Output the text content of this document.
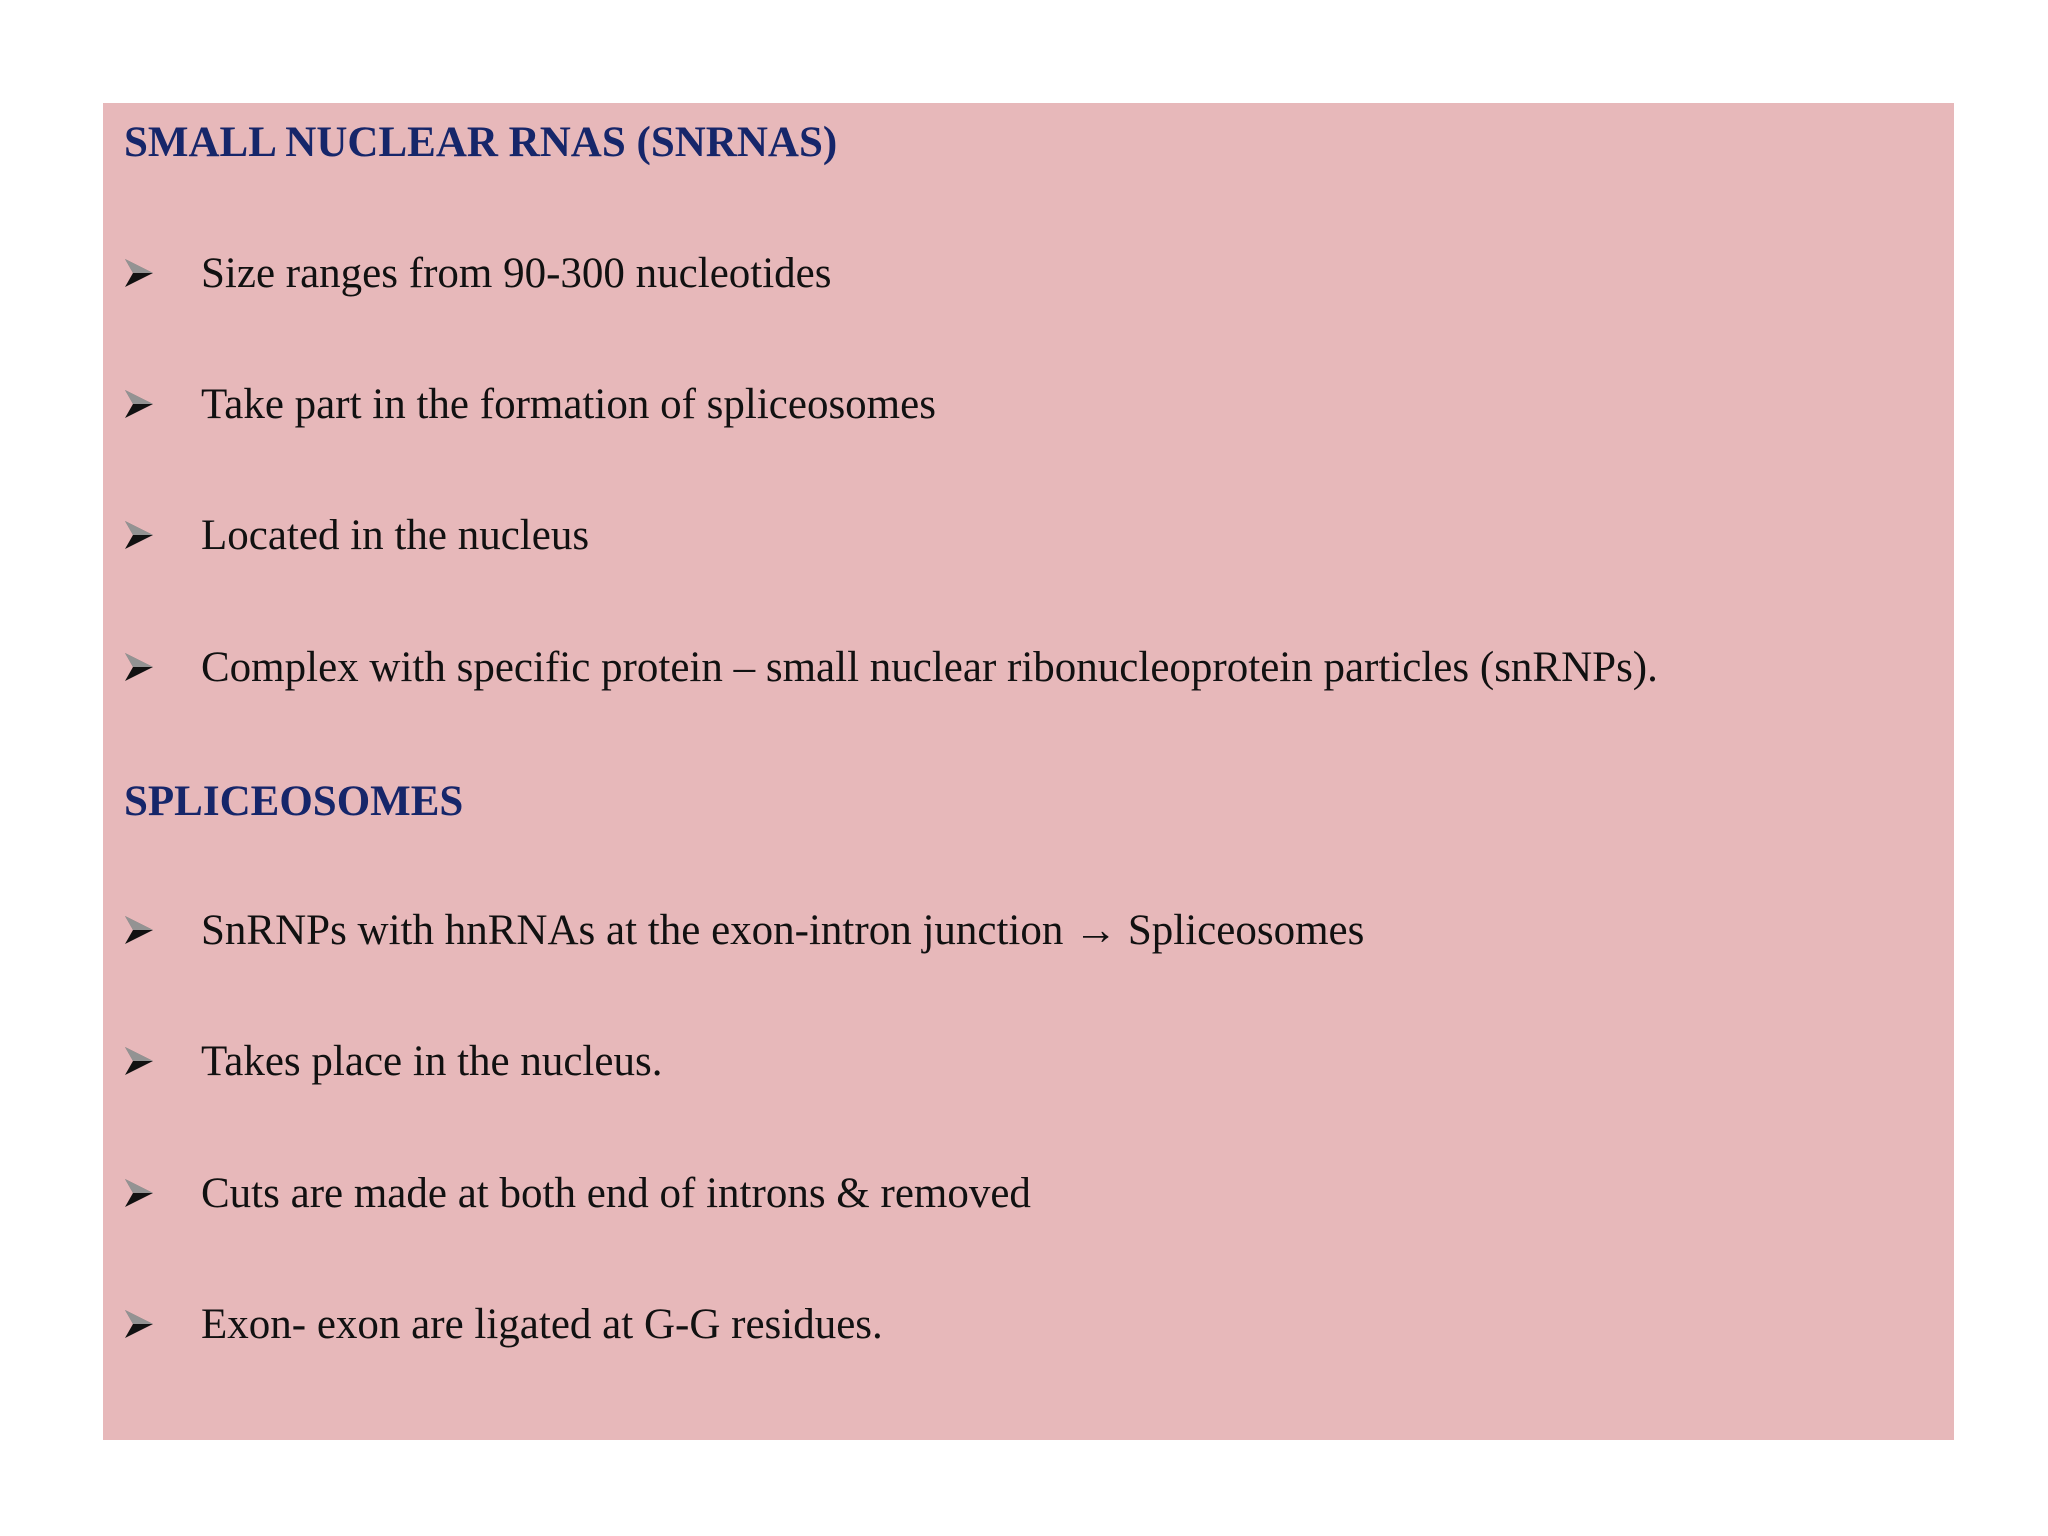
SMALL NUCLEAR RNAS (SNRNAS)
Size ranges from 90-300 nucleotides
Take part in the formation of spliceosomes
Located in the nucleus
Complex with specific protein – small nuclear ribonucleoprotein particles (snRNPs).
SPLICEOSOMES
SnRNPs with hnRNAs at the exon-intron junction → Spliceosomes
Takes place in the nucleus.
Cuts are made at both end of introns & removed
Exon- exon are ligated at G-G residues.
